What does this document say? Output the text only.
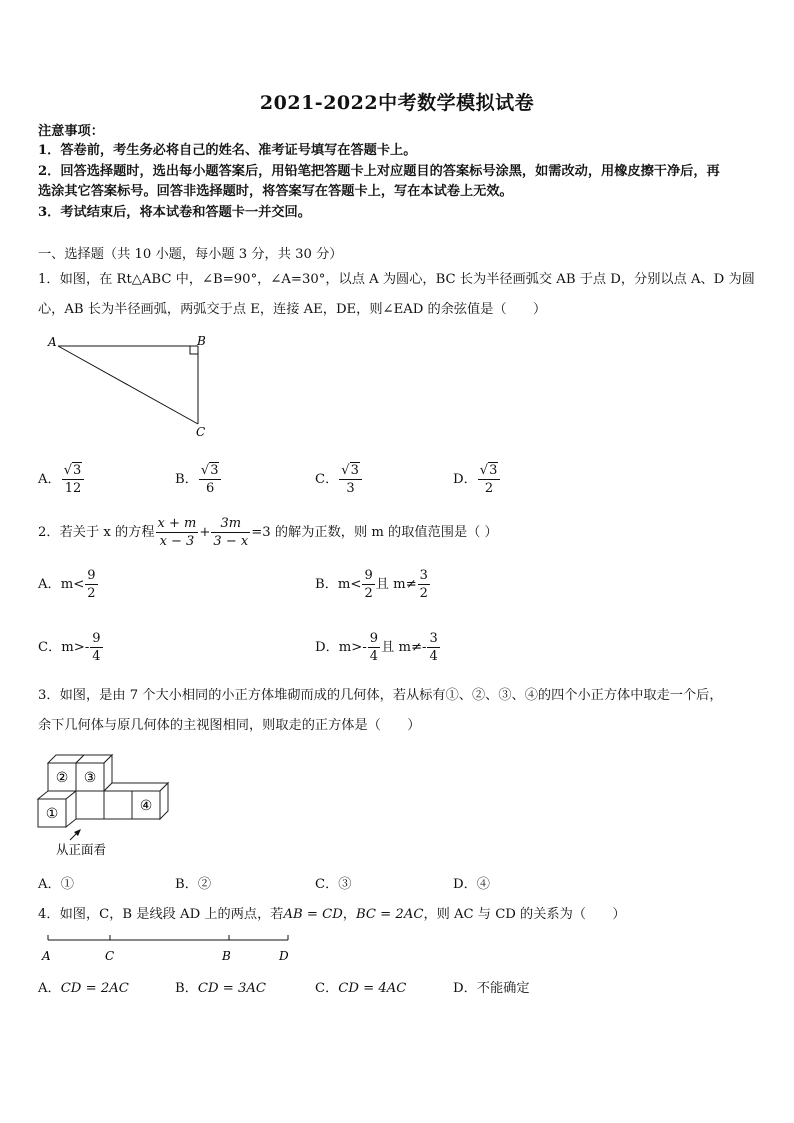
2021-2022中考数学模拟试卷
注意事项：
1．答卷前，考生务必将自己的姓名、准考证号填写在答题卡上。
2．回答选择题时，选出每小题答案后，用铅笔把答题卡上对应题目的答案标号涂黑，如需改动，用橡皮擦干净后，再
选涂其它答案标号。回答非选择题时，将答案写在答题卡上，写在本试卷上无效。
3．考试结束后，将本试卷和答题卡一并交回。
一、选择题（共 10 小题，每小题 3 分，共 30 分）
1．如图，在 Rt△ABC 中，∠B=90°，∠A=30°，以点 A 为圆心，BC 长为半径画弧交 AB 于点 D，分别以点 A、D 为圆
心，AB 长为半径画弧，两弧交于点 E，连接 AE，DE，则∠EAD 的余弦值是（　　）
A	B
C
A． $\frac{√3}{12}$	B． $\frac{√3}{6}$	C． $\frac{√3}{3}$	D． $\frac{√3}{2}$
2．若关于 x 的方程 $\frac{x + m}{x - 3} + \frac{3m}{3 - x} =3$ 的解为正数，则 m 的取值范围是（ ）
A．$m< \frac{9}{2}$	B．$m< \frac{9}{2}$ 且 $m\ne \frac{3}{2}$
C．$m>- \frac{9}{4}$	D．$m>- \frac{9}{4}$ 且 $m\ne- \frac{3}{4}$
3．如图，是由 7 个大小相同的小正方体堆砌而成的几何体，若从标有①、②、③、④的四个小正方体中取走一个后，
余下几何体与原几何体的主视图相同，则取走的正方体是（　　）
② ③
①	④
从正面看
A．①	B．②	C．③	D．④
4．如图，C，B 是线段 AD 上的两点，若AB = CD，BC = 2AC，则 AC 与 CD 的关系为（　　）
A	C	B	D
A．CD = 2AC	B．CD = 3AC	C．CD = 4AC	D．不能确定
